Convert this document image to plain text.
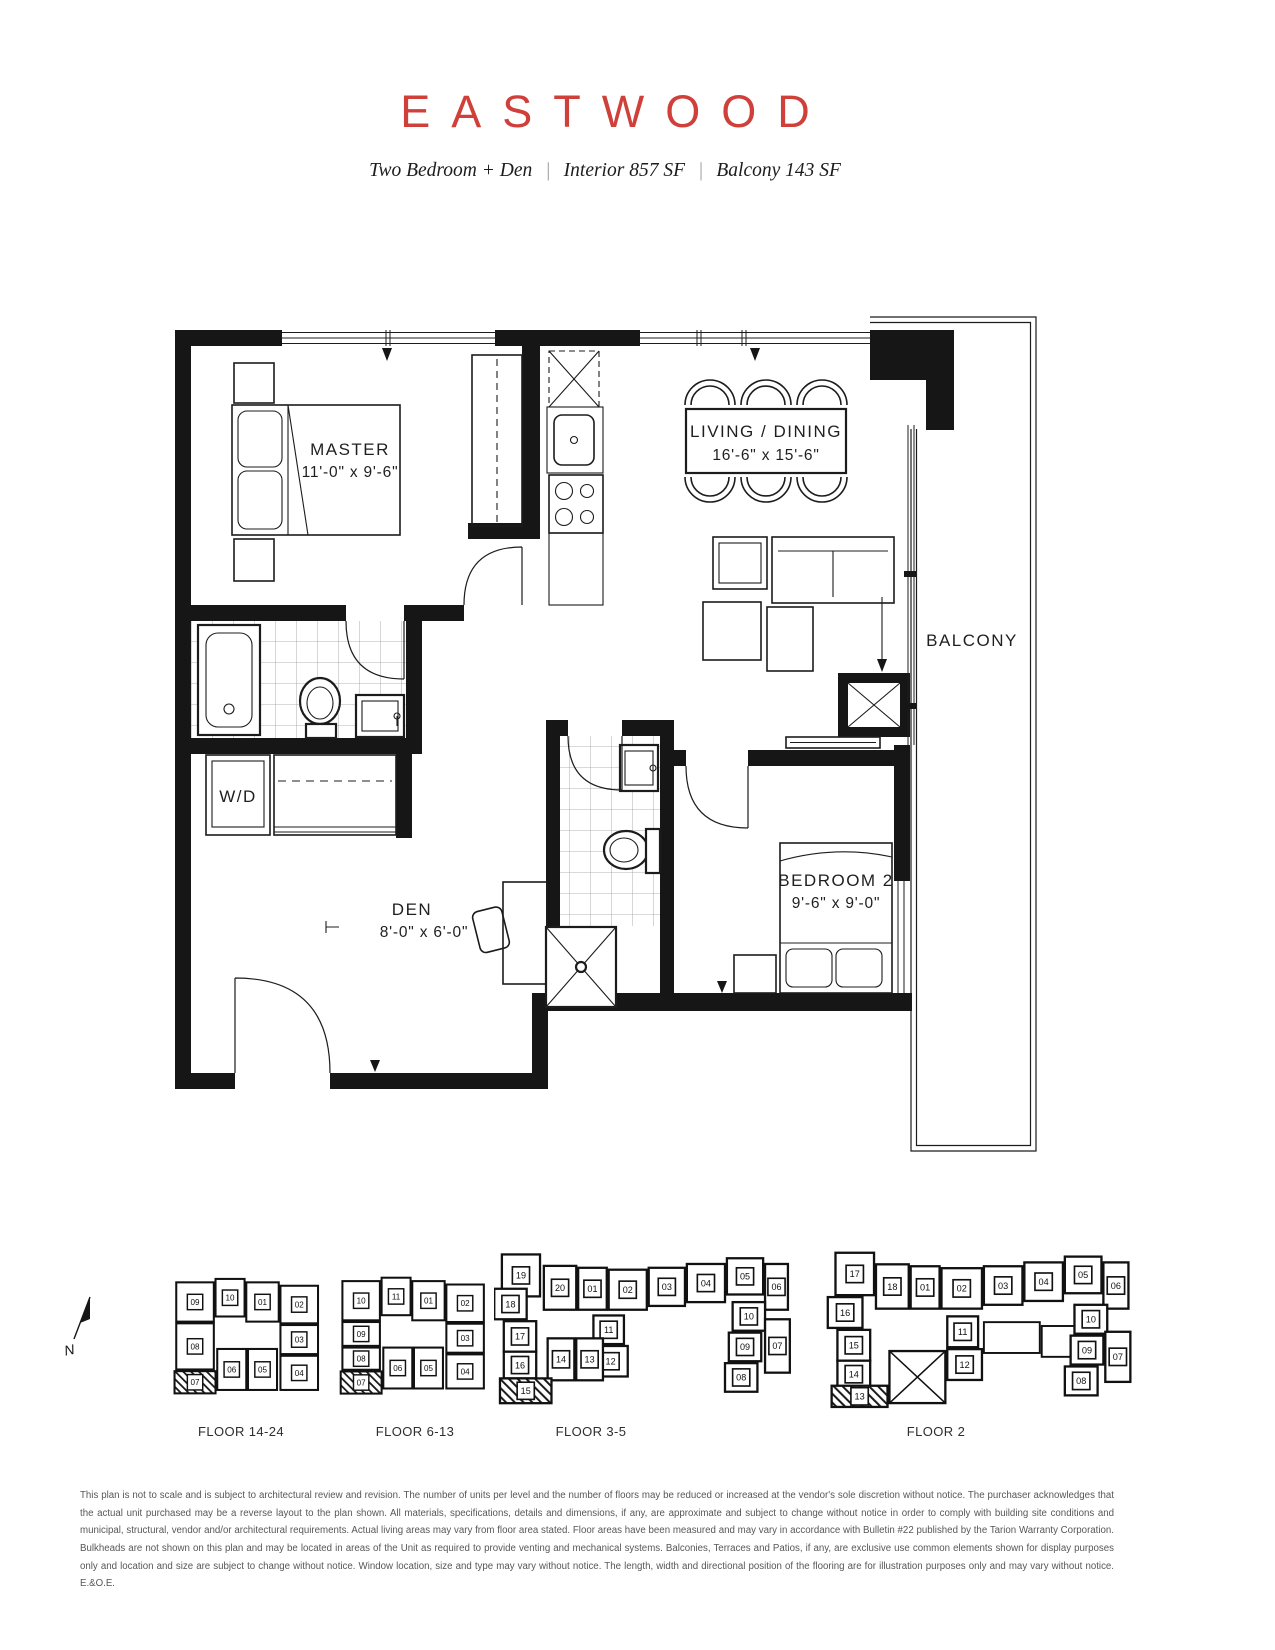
EASTWOOD
Two Bedroom + Den | Interior 857 SF | Balcony 143 SF
MASTER
11'-0" x 9'-6"
LIVING / DINING
16'-6" x 15'-6"
BALCONY
W/D
DEN
8'-0" x 6'-0"
BEDROOM 2
9'-6" x 9'-0"
N
09	10 01	02
08
03
04
06 05
07
10	11 01	02
09
08
03
04
06 05
07
19
20 01	02	03	04
05
06
18
17
16
11
12
14 13
10
09
08
07
15
17
18 01	02	03	04
05
06
16
15
14
11
12
10
09
08
07
13
FLOOR 14-24	FLOOR 6-13	FLOOR 3-5	FLOOR 2
This plan is not to scale and is subject to architectural review and revision. The number of units per level and the number of floors may be reduced or increased at the vendor's sole discretion without notice. The purchaser acknowledges that the actual unit purchased may be a reverse layout to the plan shown. All materials, specifications, details and dimensions, if any, are approximate and subject to change without notice in order to comply with building site conditions and municipal, structural, vendor and/or architectural requirements. Actual living areas may vary from floor area stated. Floor areas have been measured and may vary in accordance with Bulletin #22 published by the Tarion Warranty Corporation. Bulkheads are not shown on this plan and may be located in areas of the Unit as required to provide venting and mechanical systems. Balconies, Terraces and Patios, if any, are exclusive use common elements shown for display purposes only and location and size are subject to change without notice. Window location, size and type may vary without notice. The length, width and directional position of the flooring are for illustration purposes only and may vary without notice. E.&O.E.
